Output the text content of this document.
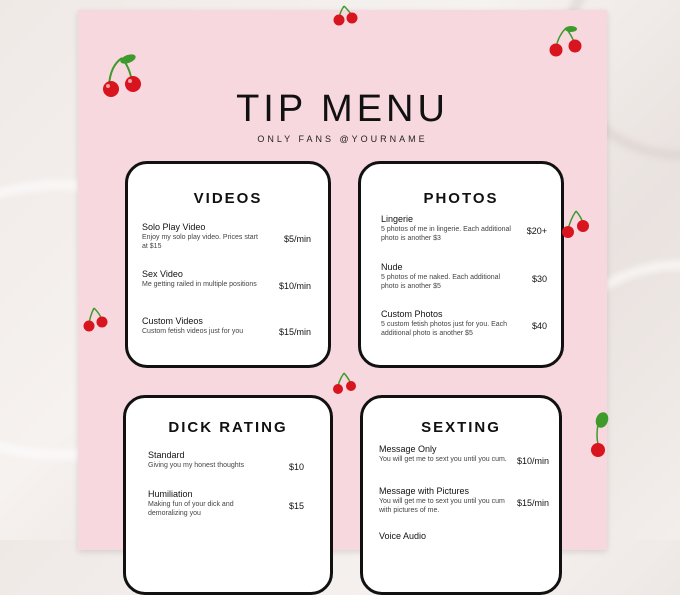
TIP MENU
ONLY FANS @YOURNAME
VIDEOS
Solo Play Video
Enjoy my solo play video. Prices start at $15
$5/min
Sex Video
Me getting railed in multiple positions	$10/min
Custom Videos
Custom fetish videos just for you	$15/min
PHOTOS
Lingerie
5 photos of me in lingerie. Each additional photo is another $3
$20+
Nude
5 photos of me naked. Each additional photo is another $5
$30
Custom Photos
5 custom fetish photos just for you. Each additional photo is another $5
$40
DICK RATING
Standard
Giving you my honest thoughts	$10
Humiliation
Making fun of your dick and demoralizing you
$15
SEXTING
Message Only
You will get me to sext you until you cum.	$10/min
Message with Pictures
You will get me to sext you until you cum with pictures of me.
$15/min
Voice Audio
